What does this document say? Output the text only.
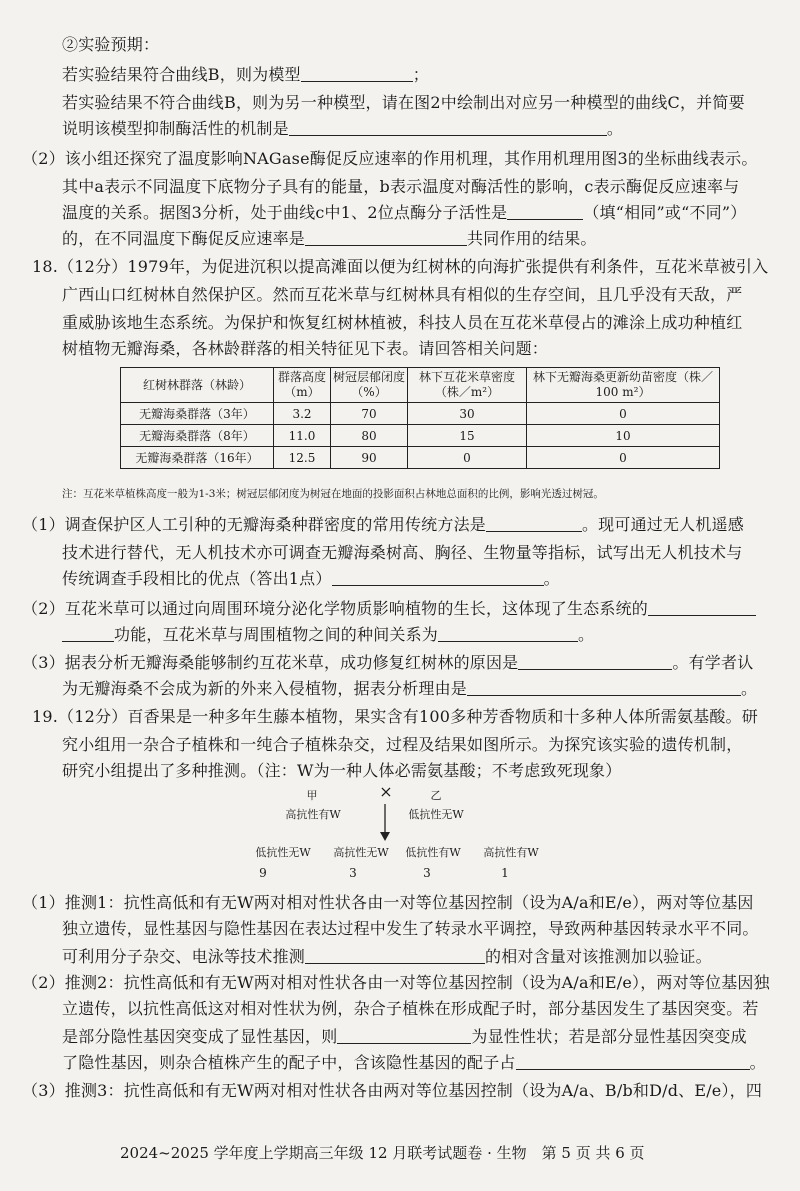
②实验预期：
若实验结果符合曲线B，则为模型	；
若实验结果不符合曲线B，则为另一种模型，请在图2中绘制出对应另一种模型的曲线C，并简要
说明该模型抑制酶活性的机制是	。
（2）该小组还探究了温度影响NAGase酶促反应速率的作用机理，其作用机理用图3的坐标曲线表示。
其中a表示不同温度下底物分子具有的能量，b表示温度对酶活性的影响，c表示酶促反应速率与
温度的关系。据图3分析，处于曲线c中1、2位点酶分子活性是	（填“相同”或“不同”）
的，在不同温度下酶促反应速率是	共同作用的结果。
18.（12分）1979年，为促进沉积以提高滩面以便为红树林的向海扩张提供有利条件，互花米草被引入
广西山口红树林自然保护区。然而互花米草与红树林具有相似的生存空间，且几乎没有天敌，严
重威胁该地生态系统。为保护和恢复红树林植被，科技人员在互花米草侵占的滩涂上成功种植红
树植物无瓣海桑，各林龄群落的相关特征见下表。请回答相关问题：
红树林群落（林龄）	群落高度（m）	树冠层郁闭度（%）	林下互花米草密度（株／m²）	林下无瓣海桑更新幼苗密度（株／100 m²）
无瓣海桑群落（3年）	3.2	70	30	0
无瓣海桑群落（8年）	11.0	80	15	10
无瓣海桑群落（16年）	12.5	90	0	0
注：互花米草植株高度一般为1-3米；树冠层郁闭度为树冠在地面的投影面积占林地总面积的比例，影响光透过树冠。
（1）调查保护区人工引种的无瓣海桑种群密度的常用传统方法是	。现可通过无人机遥感
技术进行替代，无人机技术亦可调查无瓣海桑树高、胸径、生物量等指标，试写出无人机技术与
传统调查手段相比的优点（答出1点）	。
（2）互花米草可以通过向周围环境分泌化学物质影响植物的生长，这体现了生态系统的
功能，互花米草与周围植物之间的种间关系为	。
（3）据表分析无瓣海桑能够制约互花米草，成功修复红树林的原因是	。有学者认
为无瓣海桑不会成为新的外来入侵植物，据表分析理由是	。
19.（12分）百香果是一种多年生藤本植物，果实含有100多种芳香物质和十多种人体所需氨基酸。研
究小组用一杂合子植株和一纯合子植株杂交，过程及结果如图所示。为探究该实验的遗传机制，
研究小组提出了多种推测。（注：W为一种人体必需氨基酸；不考虑致死现象）
甲
高抗性有W
×	乙
低抗性无W
低抗性无W	高抗性无W	低抗性有W	高抗性有W
9	3	3	1
（1）推测1：抗性高低和有无W两对相对性状各由一对等位基因控制（设为A/a和E/e），两对等位基因
独立遗传，显性基因与隐性基因在表达过程中发生了转录水平调控，导致两种基因转录水平不同。
可利用分子杂交、电泳等技术推测	的相对含量对该推测加以验证。
（2）推测2：抗性高低和有无W两对相对性状各由一对等位基因控制（设为A/a和E/e），两对等位基因独
立遗传，以抗性高低这对相对性状为例，杂合子植株在形成配子时，部分基因发生了基因突变。若
是部分隐性基因突变成了显性基因，则	为显性性状；若是部分显性基因突变成
了隐性基因，则杂合植株产生的配子中，含该隐性基因的配子占	。
（3）推测3：抗性高低和有无W两对相对性状各由两对等位基因控制（设为A/a、B/b和D/d、E/e），四
2024~2025 学年度上学期高三年级 12 月联考试题卷 · 生物　第 5 页 共 6 页
